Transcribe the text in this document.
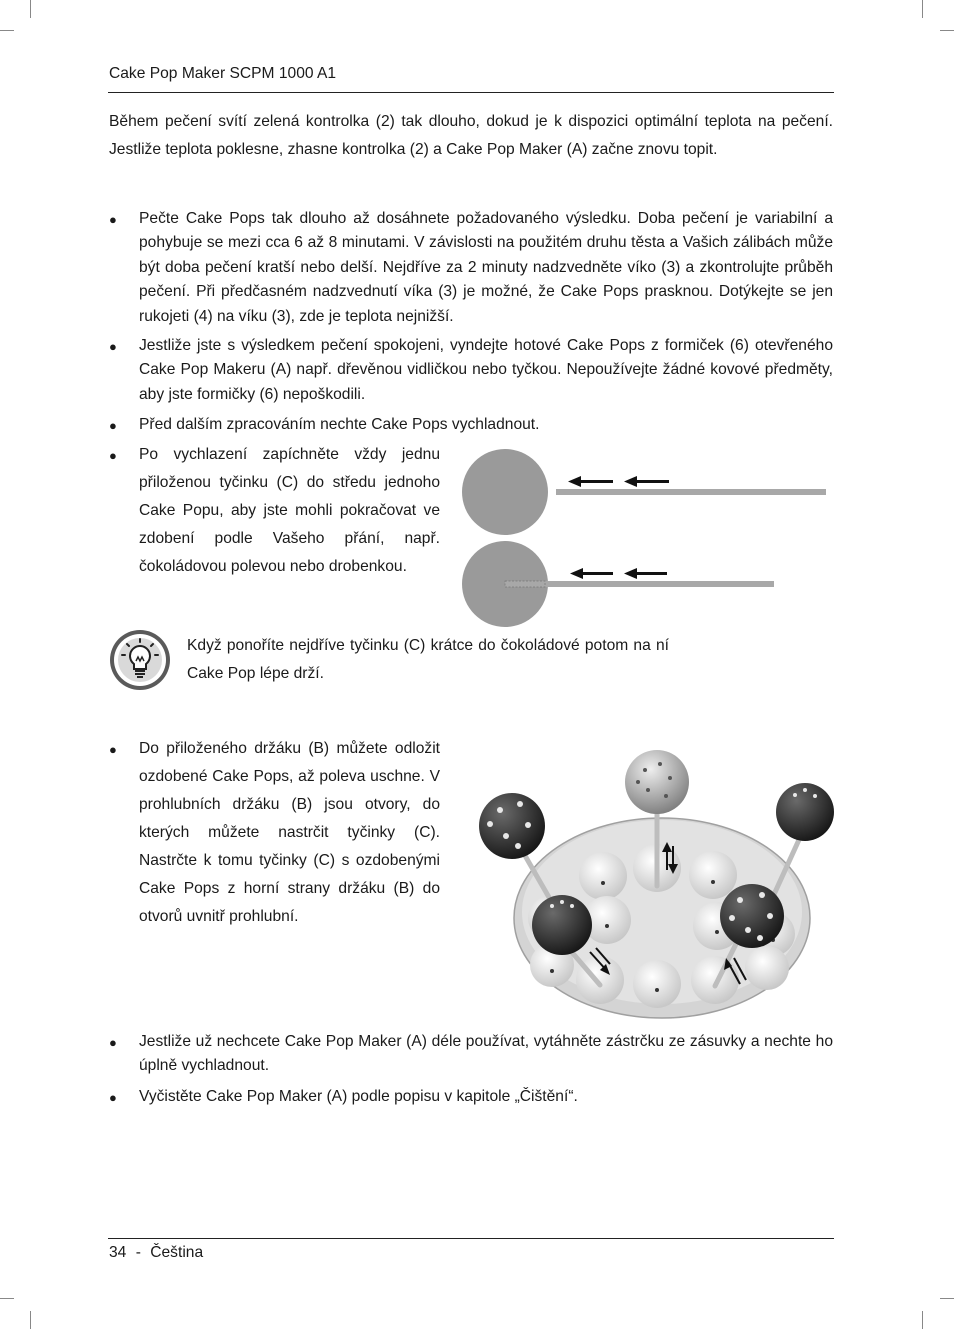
Cake Pop Maker SCPM 1000 A1

Během pečení svítí zelená kontrolka (2) tak dlouho, dokud je k dispozici optimální teplota na pečení. Jestliže teplota poklesne, zhasne kontrolka (2) a Cake Pop Maker (A) začne znovu topit.

● Pečte Cake Pops tak dlouho až dosáhnete požadovaného výsledku. Doba pečení je variabilní a pohybuje se mezi cca 6 až 8 minutami. V závislosti na použitém druhu těsta a Vašich zálibách může být doba pečení kratší nebo delší. Nejdříve za 2 minuty nadzvedněte víko (3) a zkontrolujte průběh pečení. Při předčasném nadzvednutí víka (3) je možné, že Cake Pops prasknou. Dotýkejte se jen rukojeti (4) na víku (3), zde je teplota nejnižší.

● Jestliže jste s výsledkem pečení spokojeni, vyndejte hotové Cake Pops z formiček (6) otevřeného Cake Pop Makeru (A) např. dřevěnou vidličkou nebo tyčkou. Nepoužívejte žádné kovové předměty, aby jste formičky (6) nepoškodili.

● Před dalším zpracováním nechte Cake Pops vychladnout.

● Po vychlazení zapíchněte vždy jednu přiloženou tyčinku (C) do středu jednoho Cake Popu, aby jste mohli pokračovat ve zdobení podle Vašeho přání, např. čokoládovou polevou nebo drobenkou.

Když ponoříte nejdříve tyčinku (C) krátce do čokoládové potom na ní Cake Pop lépe drží.

● Do přiloženého držáku (B) můžete odložit ozdobené Cake Pops, až poleva uschne. V prohlubních držáku (B) jsou otvory, do kterých můžete nastrčit tyčinky (C). Nastrčte k tomu tyčinky (C) s ozdobenými Cake Pops z horní strany držáku (B) do otvorů uvnitř prohlubní.

● Jestliže už nechcete Cake Pop Maker (A) déle používat, vytáhněte zástrčku ze zásuvky a nechte ho úplně vychladnout.

● Vyčistěte Cake Pop Maker (A) podle popisu v kapitole „Čištění“.

34 - Čeština
